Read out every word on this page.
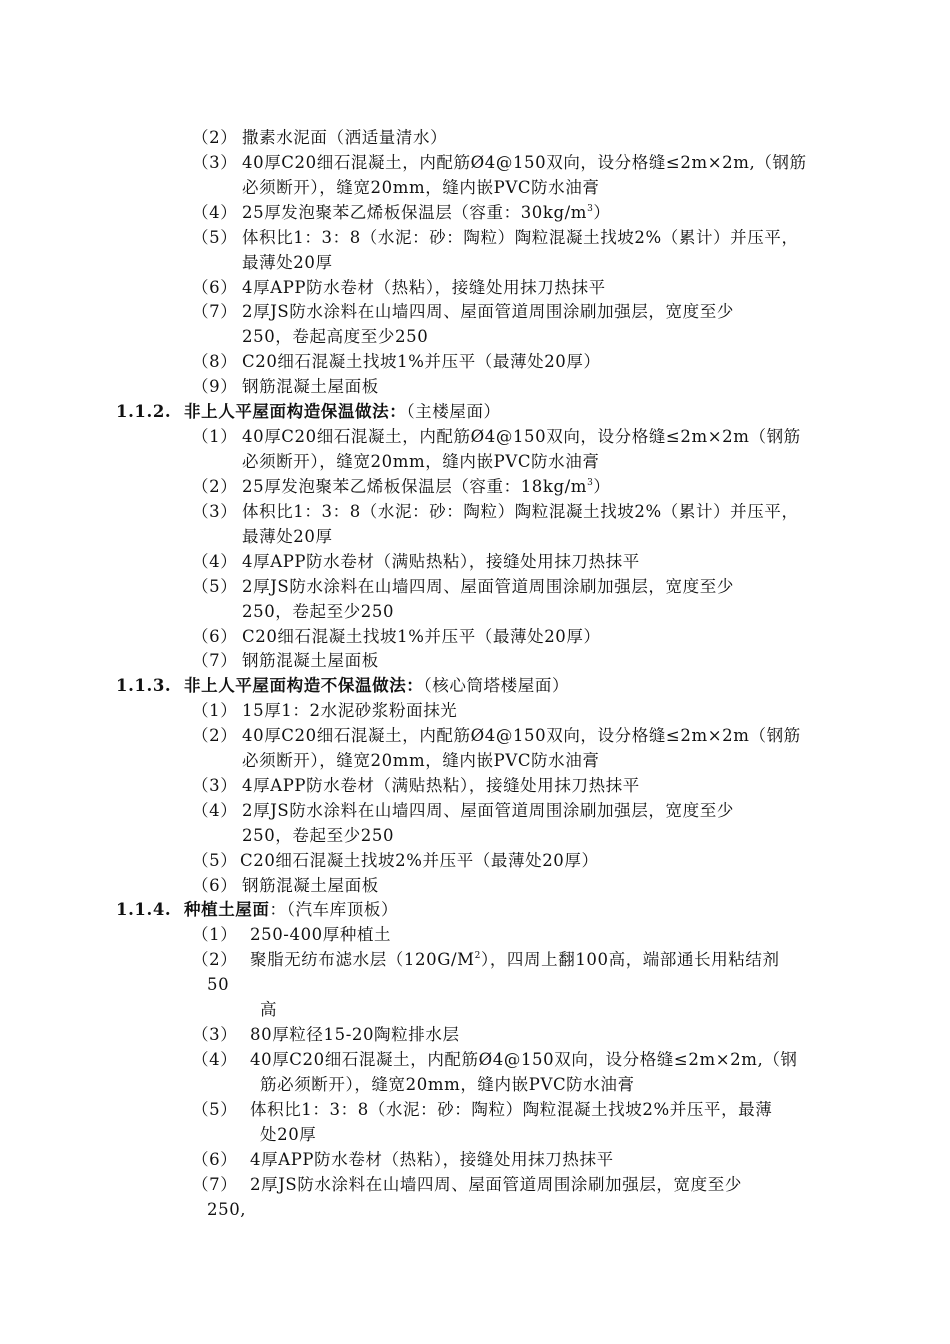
（2） 撒素水泥面（洒适量清水）
（3） 40厚C20细石混凝土，内配筋Ø4@150双向，设分格缝≤2m×2m,（钢筋
必须断开），缝宽20mm，缝内嵌PVC防水油膏
（4） 25厚发泡聚苯乙烯板保温层（容重：$30kg/m^3$）
（5） 体积比1：3：8（水泥：砂：陶粒）陶粒混凝土找坡2%（累计）并压平，
最薄处20厚
（6） 4厚APP防水卷材（热粘），接缝处用抹刀热抹平
（7） 2厚JS防水涂料在山墙四周、屋面管道周围涂刷加强层，宽度至少
250，卷起高度至少250
（8） C20细石混凝土找坡1%并压平（最薄处20厚）
（9） 钢筋混凝土屋面板
1.1.2. 非上人平屋面构造保温做法：（主楼屋面）
（1） 40厚C20细石混凝土，内配筋Ø4@150双向，设分格缝≤2m×2m（钢筋
必须断开），缝宽20mm，缝内嵌PVC防水油膏
（2） 25厚发泡聚苯乙烯板保温层（容重：$18kg/m^3$）
（3） 体积比1：3：8（水泥：砂：陶粒）陶粒混凝土找坡2%（累计）并压平，
最薄处20厚
（4） 4厚APP防水卷材（满贴热粘），接缝处用抹刀热抹平
（5） 2厚JS防水涂料在山墙四周、屋面管道周围涂刷加强层，宽度至少
250，卷起至少250
（6） C20细石混凝土找坡1%并压平（最薄处20厚）
（7） 钢筋混凝土屋面板
1.1.3. 非上人平屋面构造不保温做法：（核心筒塔楼屋面）
（1） 15厚1：2水泥砂浆粉面抹光
（2） 40厚C20细石混凝土，内配筋Ø4@150双向，设分格缝≤2m×2m（钢筋
必须断开），缝宽20mm，缝内嵌PVC防水油膏
（3） 4厚APP防水卷材（满贴热粘），接缝处用抹刀热抹平
（4） 2厚JS防水涂料在山墙四周、屋面管道周围涂刷加强层，宽度至少
250，卷起至少250
（5） C20细石混凝土找坡2%并压平（最薄处20厚）
（6） 钢筋混凝土屋面板
1.1.4. 种植土屋面：（汽车库顶板）
（1） 250-400厚种植土
（2） 聚脂无纺布滤水层$(120G/M^2)$，四周上翻100高，端部通长用粘结剂
50
高
（3） 80厚粒径15-20陶粒排水层
（4） 40厚C20细石混凝土，内配筋Ø4@150双向，设分格缝≤2m×2m,（钢
筋必须断开），缝宽20mm，缝内嵌PVC防水油膏
（5） 体积比1：3：8（水泥：砂：陶粒）陶粒混凝土找坡2%并压平，最薄
处20厚
（6） 4厚APP防水卷材（热粘），接缝处用抹刀热抹平
（7） 2厚JS防水涂料在山墙四周、屋面管道周围涂刷加强层，宽度至少
250,
